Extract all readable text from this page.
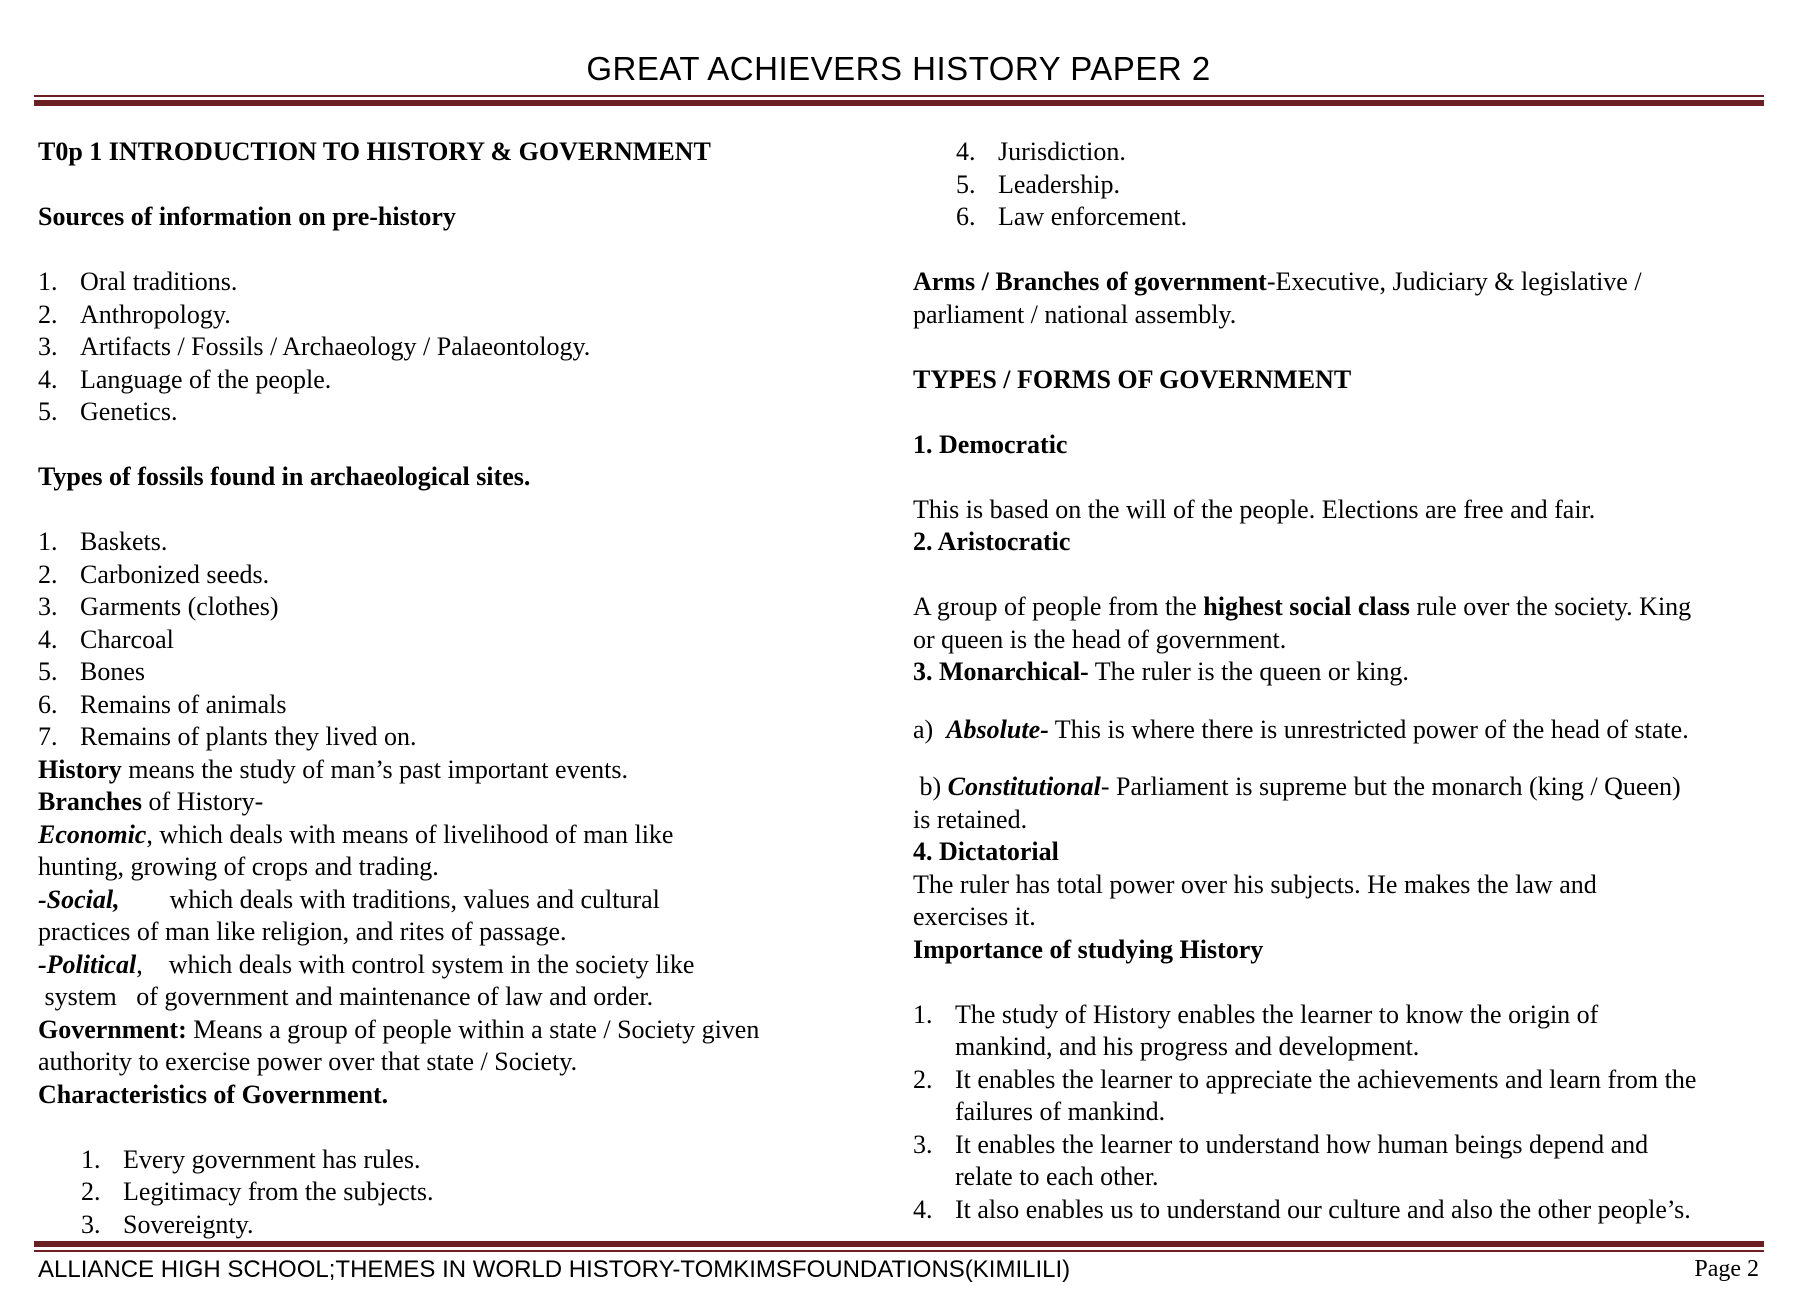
GREAT ACHIEVERS HISTORY PAPER 2

T0p 1 INTRODUCTION TO HISTORY & GOVERNMENT

Sources of information on pre-history

1. Oral traditions.
2. Anthropology.
3. Artifacts / Fossils / Archaeology / Palaeontology.
4. Language of the people.
5. Genetics.

Types of fossils found in archaeological sites.

1. Baskets.
2. Carbonized seeds.
3. Garments (clothes)
4. Charcoal
5. Bones
6. Remains of animals
7. Remains of plants they lived on.

History means the study of man’s past important events.

Branches of History-

Economic, which deals with means of livelihood of man like

hunting, growing of crops and trading.

-Social, which deals with traditions, values and cultural

practices of man like religion, and rites of passage.

-Political,    which deals with control system in the society like

system   of government and maintenance of law and order.

Government: Means a group of people within a state / Society given

authority to exercise power over that state / Society.

Characteristics of Government.

1. Every government has rules.
2. Legitimacy from the subjects.
3. Sovereignty.
4. Jurisdiction.
5. Leadership.
6. Law enforcement.

Arms / Branches of government-Executive, Judiciary & legislative /

parliament / national assembly.

TYPES / FORMS OF GOVERNMENT

1. Democratic

This is based on the will of the people. Elections are free and fair.

2. Aristocratic

A group of people from the highest social class rule over the society. King

or queen is the head of government.

3. Monarchical- The ruler is the queen or king.

a)  Absolute- This is where there is unrestricted power of the head of state.

b) Constitutional- Parliament is supreme but the monarch (king / Queen)

is retained.

4. Dictatorial

The ruler has total power over his subjects. He makes the law and

exercises it.

Importance of studying History

1. The study of History enables the learner to know the origin of
mankind, and his progress and development.
2. It enables the learner to appreciate the achievements and learn from the
failures of mankind.
3. It enables the learner to understand how human beings depend and
relate to each other.
4. It also enables us to understand our culture and also the other people’s.
ALLIANCE HIGH SCHOOL;THEMES IN WORLD HISTORY-TOMKIMSFOUNDATIONS(KIMILILI)	Page 2
